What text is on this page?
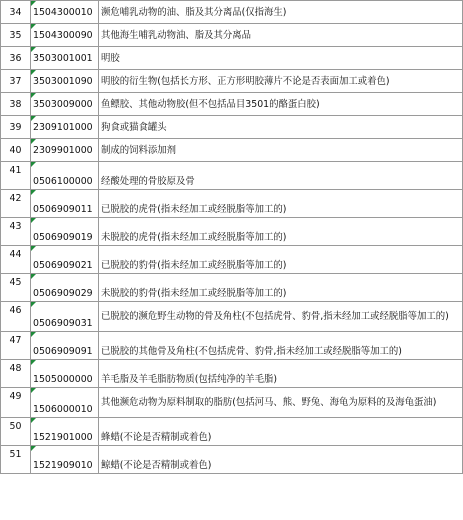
34	1504300010	濒危哺乳动物的油、脂及其分离品(仅指海生)
35	1504300090	其他海生哺乳动物油、脂及其分离品
36	3503001001	明胶
37	3503001090	明胶的衍生物(包括长方形、正方形明胶薄片不论是否表面加工或着色)
38	3503009000	鱼鳔胶、其他动物胶(但不包括品目3501的酪蛋白胶)
39	2309101000	狗食或猫食罐头
40	2309901000	制成的饲料添加剂
41	0506100000	经酸处理的骨胶原及骨
42	0506909011	已脱胶的虎骨(指未经加工或经脱脂等加工的)
43	0506909019	未脱胶的虎骨(指未经加工或经脱脂等加工的)
44	0506909021	已脱胶的豹骨(指未经加工或经脱脂等加工的)
45	0506909029	未脱胶的豹骨(指未经加工或经脱脂等加工的)
46	0506909031	已脱胶的濒危野生动物的骨及角柱(不包括虎骨、豹骨,指未经加工或经脱脂等加工的)
47	0506909091	已脱胶的其他骨及角柱(不包括虎骨、豹骨,指未经加工或经脱脂等加工的)
48	1505000000	羊毛脂及羊毛脂肪物质(包括纯净的羊毛脂)
49	1506000010	其他濒危动物为原料制取的脂肪(包括河马、熊、野兔、海龟为原料的及海龟蛋油)
50	1521901000	蜂蜡(不论是否精制或着色)
51	1521909010	鲸蜡(不论是否精制或着色)
